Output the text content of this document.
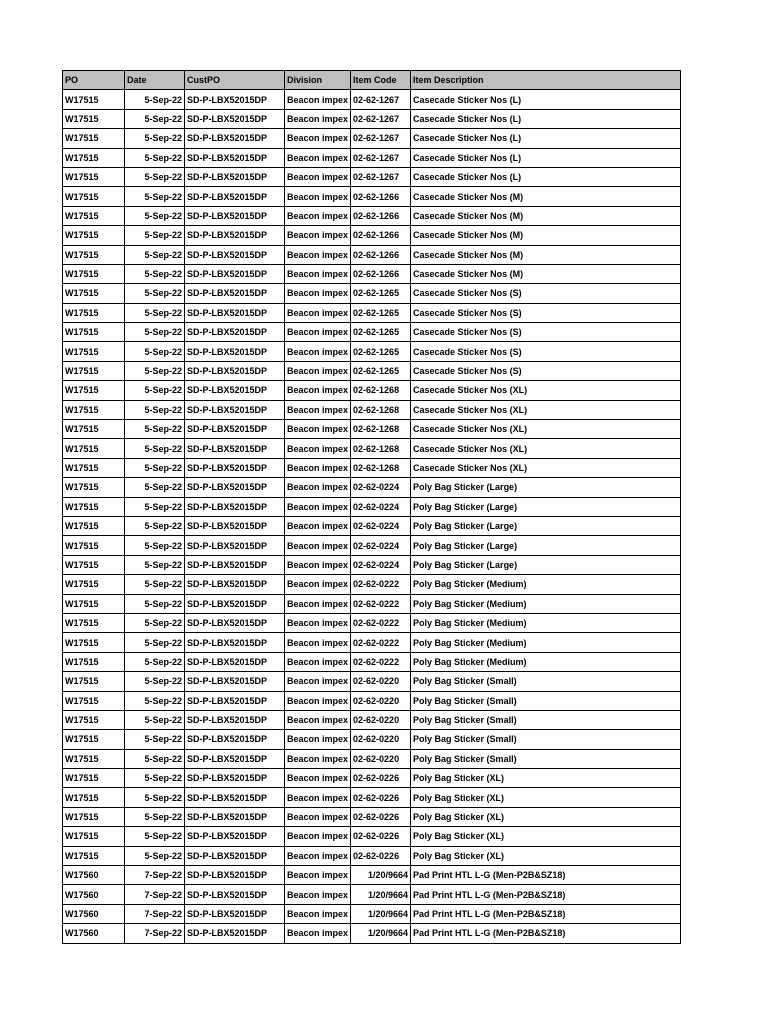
PO	Date	CustPO	Division	Item Code	Item Description
W17515	5-Sep-22	SD-P-LBX52015DP	Beacon impex	02-62-1267	Casecade Sticker Nos (L)
W17515	5-Sep-22	SD-P-LBX52015DP	Beacon impex	02-62-1267	Casecade Sticker Nos (L)
W17515	5-Sep-22	SD-P-LBX52015DP	Beacon impex	02-62-1267	Casecade Sticker Nos (L)
W17515	5-Sep-22	SD-P-LBX52015DP	Beacon impex	02-62-1267	Casecade Sticker Nos (L)
W17515	5-Sep-22	SD-P-LBX52015DP	Beacon impex	02-62-1267	Casecade Sticker Nos (L)
W17515	5-Sep-22	SD-P-LBX52015DP	Beacon impex	02-62-1266	Casecade Sticker Nos (M)
W17515	5-Sep-22	SD-P-LBX52015DP	Beacon impex	02-62-1266	Casecade Sticker Nos (M)
W17515	5-Sep-22	SD-P-LBX52015DP	Beacon impex	02-62-1266	Casecade Sticker Nos (M)
W17515	5-Sep-22	SD-P-LBX52015DP	Beacon impex	02-62-1266	Casecade Sticker Nos (M)
W17515	5-Sep-22	SD-P-LBX52015DP	Beacon impex	02-62-1266	Casecade Sticker Nos (M)
W17515	5-Sep-22	SD-P-LBX52015DP	Beacon impex	02-62-1265	Casecade Sticker Nos (S)
W17515	5-Sep-22	SD-P-LBX52015DP	Beacon impex	02-62-1265	Casecade Sticker Nos (S)
W17515	5-Sep-22	SD-P-LBX52015DP	Beacon impex	02-62-1265	Casecade Sticker Nos (S)
W17515	5-Sep-22	SD-P-LBX52015DP	Beacon impex	02-62-1265	Casecade Sticker Nos (S)
W17515	5-Sep-22	SD-P-LBX52015DP	Beacon impex	02-62-1265	Casecade Sticker Nos (S)
W17515	5-Sep-22	SD-P-LBX52015DP	Beacon impex	02-62-1268	Casecade Sticker Nos (XL)
W17515	5-Sep-22	SD-P-LBX52015DP	Beacon impex	02-62-1268	Casecade Sticker Nos (XL)
W17515	5-Sep-22	SD-P-LBX52015DP	Beacon impex	02-62-1268	Casecade Sticker Nos (XL)
W17515	5-Sep-22	SD-P-LBX52015DP	Beacon impex	02-62-1268	Casecade Sticker Nos (XL)
W17515	5-Sep-22	SD-P-LBX52015DP	Beacon impex	02-62-1268	Casecade Sticker Nos (XL)
W17515	5-Sep-22	SD-P-LBX52015DP	Beacon impex	02-62-0224	Poly Bag Sticker (Large)
W17515	5-Sep-22	SD-P-LBX52015DP	Beacon impex	02-62-0224	Poly Bag Sticker (Large)
W17515	5-Sep-22	SD-P-LBX52015DP	Beacon impex	02-62-0224	Poly Bag Sticker (Large)
W17515	5-Sep-22	SD-P-LBX52015DP	Beacon impex	02-62-0224	Poly Bag Sticker (Large)
W17515	5-Sep-22	SD-P-LBX52015DP	Beacon impex	02-62-0224	Poly Bag Sticker (Large)
W17515	5-Sep-22	SD-P-LBX52015DP	Beacon impex	02-62-0222	Poly Bag Sticker (Medium)
W17515	5-Sep-22	SD-P-LBX52015DP	Beacon impex	02-62-0222	Poly Bag Sticker (Medium)
W17515	5-Sep-22	SD-P-LBX52015DP	Beacon impex	02-62-0222	Poly Bag Sticker (Medium)
W17515	5-Sep-22	SD-P-LBX52015DP	Beacon impex	02-62-0222	Poly Bag Sticker (Medium)
W17515	5-Sep-22	SD-P-LBX52015DP	Beacon impex	02-62-0222	Poly Bag Sticker (Medium)
W17515	5-Sep-22	SD-P-LBX52015DP	Beacon impex	02-62-0220	Poly Bag Sticker (Small)
W17515	5-Sep-22	SD-P-LBX52015DP	Beacon impex	02-62-0220	Poly Bag Sticker (Small)
W17515	5-Sep-22	SD-P-LBX52015DP	Beacon impex	02-62-0220	Poly Bag Sticker (Small)
W17515	5-Sep-22	SD-P-LBX52015DP	Beacon impex	02-62-0220	Poly Bag Sticker (Small)
W17515	5-Sep-22	SD-P-LBX52015DP	Beacon impex	02-62-0220	Poly Bag Sticker (Small)
W17515	5-Sep-22	SD-P-LBX52015DP	Beacon impex	02-62-0226	Poly Bag Sticker (XL)
W17515	5-Sep-22	SD-P-LBX52015DP	Beacon impex	02-62-0226	Poly Bag Sticker (XL)
W17515	5-Sep-22	SD-P-LBX52015DP	Beacon impex	02-62-0226	Poly Bag Sticker (XL)
W17515	5-Sep-22	SD-P-LBX52015DP	Beacon impex	02-62-0226	Poly Bag Sticker (XL)
W17515	5-Sep-22	SD-P-LBX52015DP	Beacon impex	02-62-0226	Poly Bag Sticker (XL)
W17560	7-Sep-22	SD-P-LBX52015DP	Beacon impex	1/20/9664	Pad Print HTL L-G (Men-P2B&SZ18)
W17560	7-Sep-22	SD-P-LBX52015DP	Beacon impex	1/20/9664	Pad Print HTL L-G (Men-P2B&SZ18)
W17560	7-Sep-22	SD-P-LBX52015DP	Beacon impex	1/20/9664	Pad Print HTL L-G (Men-P2B&SZ18)
W17560	7-Sep-22	SD-P-LBX52015DP	Beacon impex	1/20/9664	Pad Print HTL L-G (Men-P2B&SZ18)
